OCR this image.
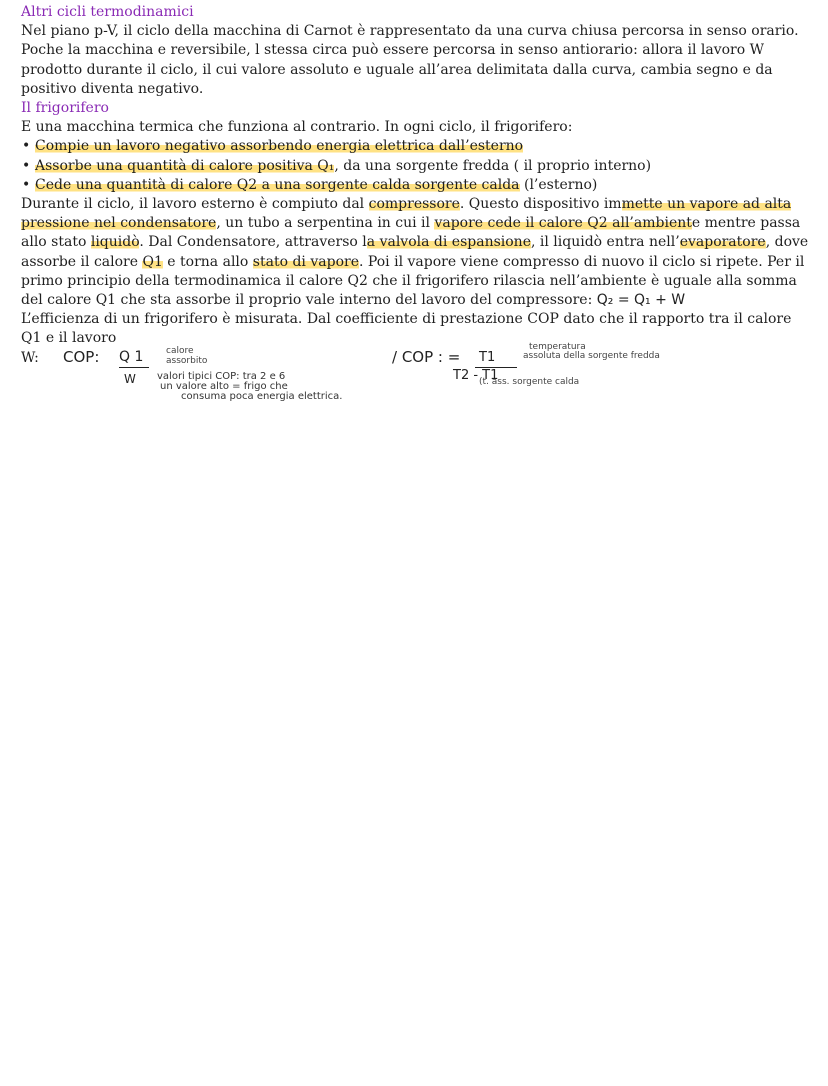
Altri cicli termodinamici

Nel piano p-V, il ciclo della macchina di Carnot è rappresentato da una curva chiusa percorsa in senso orario. Poche la macchina e reversibile, l stessa circa può essere percorsa in senso antiorario: allora il lavoro W prodotto durante il ciclo, il cui valore assoluto e uguale all’area delimitata dalla curva, cambia segno e da positivo diventa negativo.

Il frigorifero

E una macchina termica che funziona al contrario. In ogni ciclo, il frigorifero:

• Compie un lavoro negativo assorbendo energia elettrica dall’esterno
• Assorbe una quantità di calore positiva Q₁, da una sorgente fredda ( il proprio interno)
• Cede una quantità di calore Q2 a una sorgente calda sorgente calda (l’esterno)

Durante il ciclo, il lavoro esterno è compiuto dal compressore. Questo dispositivo immette un vapore ad alta pressione nel condensatore, un tubo a serpentina in cui il vapore cede il calore Q2 all’ambiente mentre passa allo stato liquidò. Dal Condensatore, attraverso la valvola di espansione, il liquidò entra nell’evaporatore, dove assorbe il calore Q1 e torna allo stato di vapore. Poi il vapore viene compresso di nuovo il ciclo si ripete. Per il primo principio della termodinamica il calore Q2 che il frigorifero rilascia nell’ambiente è uguale alla somma del calore Q1 che sta assorbe il proprio vale interno del lavoro del compressore: Q₂ = Q₁ + W

L’efficienza di un frigorifero è misurata. Dal coefficiente di prestazione COP dato che il rapporto tra il calore Q1 e il lavoro

W: COP: Q 1	calore assorbito	/ COP : =	T1
temperatura
assoluta della sorgente fredda
W valori tipici COP: tra 2 e 6
un valore alto = frigo che
consuma poca energia elettrica.
T2 - T1
(t. ass. sorgente calda
